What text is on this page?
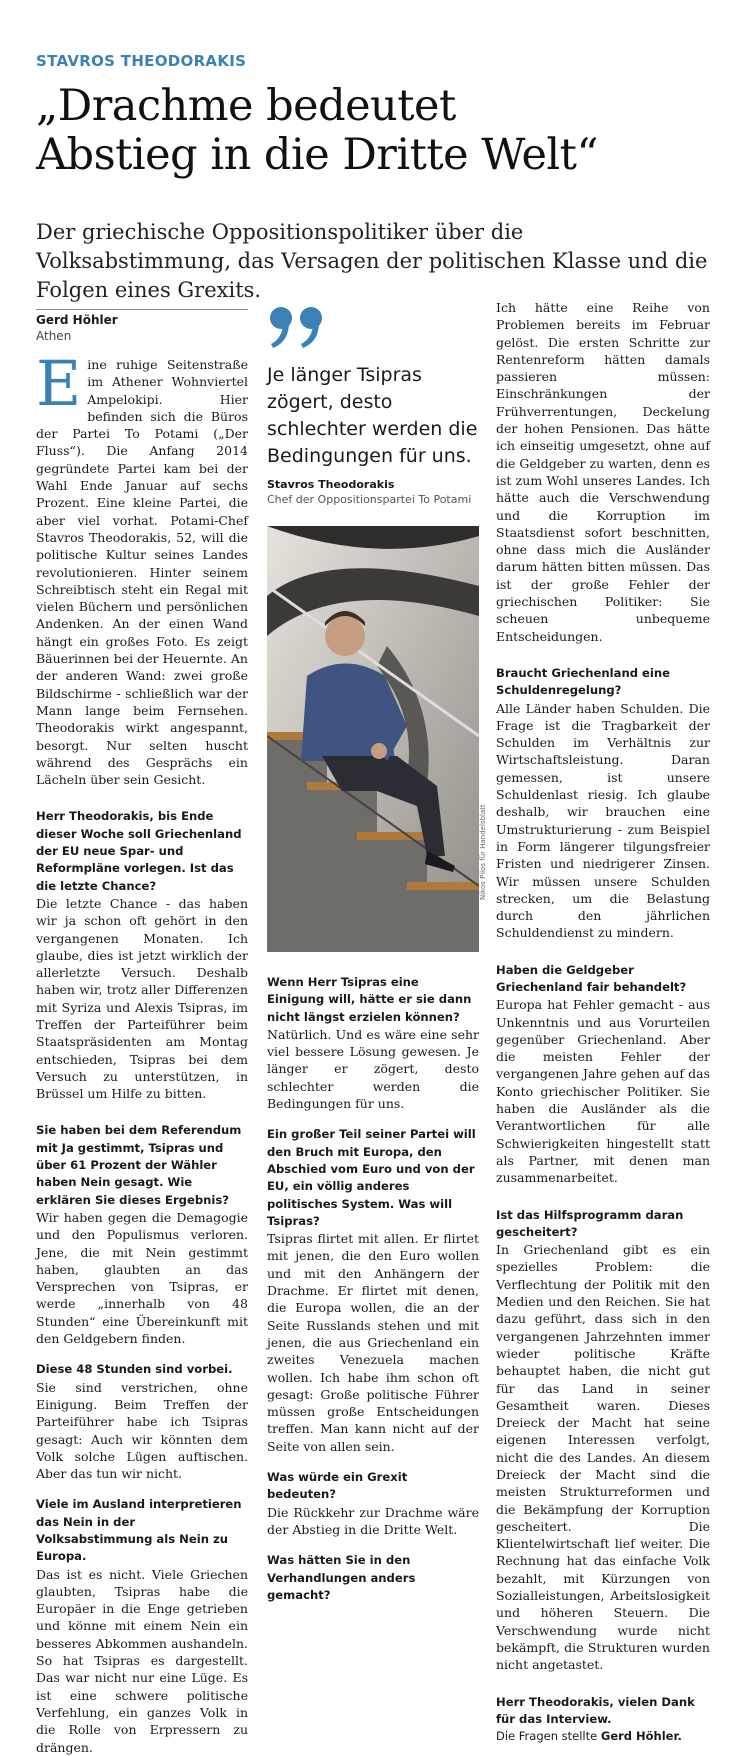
STAVROS THEODORAKIS
„Drachme bedeutet
Abstieg in die Dritte Welt“
Der griechische Oppositionspolitiker über die Volksabstimmung, das Versagen der politischen Klasse und die Folgen eines Grexits.
Gerd Höhler
Athen

Eine ruhige Seitenstraße im Athener Wohnviertel Ampelokipi. Hier befinden sich die Büros der Partei To Potami („Der Fluss“). Die Anfang 2014 gegründete Partei kam bei der Wahl Ende Januar auf sechs Prozent. Eine kleine Partei, die aber viel vorhat. Potami-Chef Stavros Theodorakis, 52, will die politische Kultur seines Landes revolutionieren. Hinter seinem Schreibtisch steht ein Regal mit vielen Büchern und persönlichen Andenken. An der einen Wand hängt ein großes Foto. Es zeigt Bäuerinnen bei der Heuernte. An der anderen Wand: zwei große Bildschirme - schließlich war der Mann lange beim Fernsehen. Theodorakis wirkt angespannt, besorgt. Nur selten huscht während des Gesprächs ein Lächeln über sein Gesicht.

Herr Theodorakis, bis Ende dieser Woche soll Griechenland der EU neue Spar- und Reformpläne vorlegen. Ist das die letzte Chance?

Die letzte Chance - das haben wir ja schon oft gehört in den vergangenen Monaten. Ich glaube, dies ist jetzt wirklich der allerletzte Versuch. Deshalb haben wir, trotz aller Differenzen mit Syriza und Alexis Tsipras, im Treffen der Parteiführer beim Staatspräsidenten am Montag entschieden, Tsipras bei dem Versuch zu unterstützen, in Brüssel um Hilfe zu bitten.

Sie haben bei dem Referendum mit Ja gestimmt, Tsipras und über 61 Prozent der Wähler haben Nein gesagt. Wie erklären Sie dieses Ergebnis?

Wir haben gegen die Demagogie und den Populismus verloren. Jene, die mit Nein gestimmt haben, glaubten an das Versprechen von Tsipras, er werde „innerhalb von 48 Stunden“ eine Übereinkunft mit den Geldgebern finden.

Diese 48 Stunden sind vorbei.

Sie sind verstrichen, ohne Einigung. Beim Treffen der Parteiführer habe ich Tsipras gesagt: Auch wir könnten dem Volk solche Lügen auftischen. Aber das tun wir nicht.

Viele im Ausland interpretieren das Nein in der Volksabstimmung als Nein zu Europa.

Das ist es nicht. Viele Griechen glaubten, Tsipras habe die Europäer in die Enge getrieben und könne mit einem Nein ein besseres Abkommen aushandeln. So hat Tsipras es dargestellt. Das war nicht nur eine Lüge. Es ist eine schwere politische Verfehlung, ein ganzes Volk in die Rolle von Erpressern zu drängen.

Je länger Tsipras zögert, desto schlechter werden die Bedingungen für uns.
Stavros Theodorakis
Chef der Oppositionspartei To Potami
Nikos Pilos für Handelsblatt

Wenn Herr Tsipras eine Einigung will, hätte er sie dann nicht längst erzielen können?

Natürlich. Und es wäre eine sehr viel bessere Lösung gewesen. Je länger er zögert, desto schlechter werden die Bedingungen für uns.

Ein großer Teil seiner Partei will den Bruch mit Europa, den Abschied vom Euro und von der EU, ein völlig anderes politisches System. Was will Tsipras?

Tsipras flirtet mit allen. Er flirtet mit jenen, die den Euro wollen und mit den Anhängern der Drachme. Er flirtet mit denen, die Europa wollen, die an der Seite Russlands stehen und mit jenen, die aus Griechenland ein zweites Venezuela machen wollen. Ich habe ihm schon oft gesagt: Große politische Führer müssen große Entscheidungen treffen. Man kann nicht auf der Seite von allen sein.

Was würde ein Grexit bedeuten?

Die Rückkehr zur Drachme wäre der Abstieg in die Dritte Welt.

Was hätten Sie in den Verhandlungen anders gemacht?

Ich hätte eine Reihe von Problemen bereits im Februar gelöst. Die ersten Schritte zur Rentenreform hätten damals passieren müssen: Einschränkungen der Frühverrentungen, Deckelung der hohen Pensionen. Das hätte ich einseitig umgesetzt, ohne auf die Geldgeber zu warten, denn es ist zum Wohl unseres Landes. Ich hätte auch die Verschwendung und die Korruption im Staatsdienst sofort beschnitten, ohne dass mich die Ausländer darum hätten bitten müssen. Das ist der große Fehler der griechischen Politiker: Sie scheuen unbequeme Entscheidungen.

Braucht Griechenland eine Schuldenregelung?

Alle Länder haben Schulden. Die Frage ist die Tragbarkeit der Schulden im Verhältnis zur Wirtschaftsleistung. Daran gemessen, ist unsere Schuldenlast riesig. Ich glaube deshalb, wir brauchen eine Umstrukturierung - zum Beispiel in Form längerer tilgungsfreier Fristen und niedrigerer Zinsen. Wir müssen unsere Schulden strecken, um die Belastung durch den jährlichen Schuldendienst zu mindern.

Haben die Geldgeber Griechenland fair behandelt?

Europa hat Fehler gemacht - aus Unkenntnis und aus Vorurteilen gegenüber Griechenland. Aber die meisten Fehler der vergangenen Jahre gehen auf das Konto griechischer Politiker. Sie haben die Ausländer als die Verantwortlichen für alle Schwierigkeiten hingestellt statt als Partner, mit denen man zusammenarbeitet.

Ist das Hilfsprogramm daran gescheitert?

In Griechenland gibt es ein spezielles Problem: die Verflechtung der Politik mit den Medien und den Reichen. Sie hat dazu geführt, dass sich in den vergangenen Jahrzehnten immer wieder politische Kräfte behauptet haben, die nicht gut für das Land in seiner Gesamtheit waren. Dieses Dreieck der Macht hat seine eigenen Interessen verfolgt, nicht die des Landes. An diesem Dreieck der Macht sind die meisten Strukturreformen und die Bekämpfung der Korruption gescheitert. Die Klientelwirtschaft lief weiter. Die Rechnung hat das einfache Volk bezahlt, mit Kürzungen von Sozialleistungen, Arbeitslosigkeit und höheren Steuern. Die Verschwendung wurde nicht bekämpft, die Strukturen wurden nicht angetastet.

Herr Theodorakis, vielen Dank für das Interview.

Die Fragen stellte Gerd Höhler.
